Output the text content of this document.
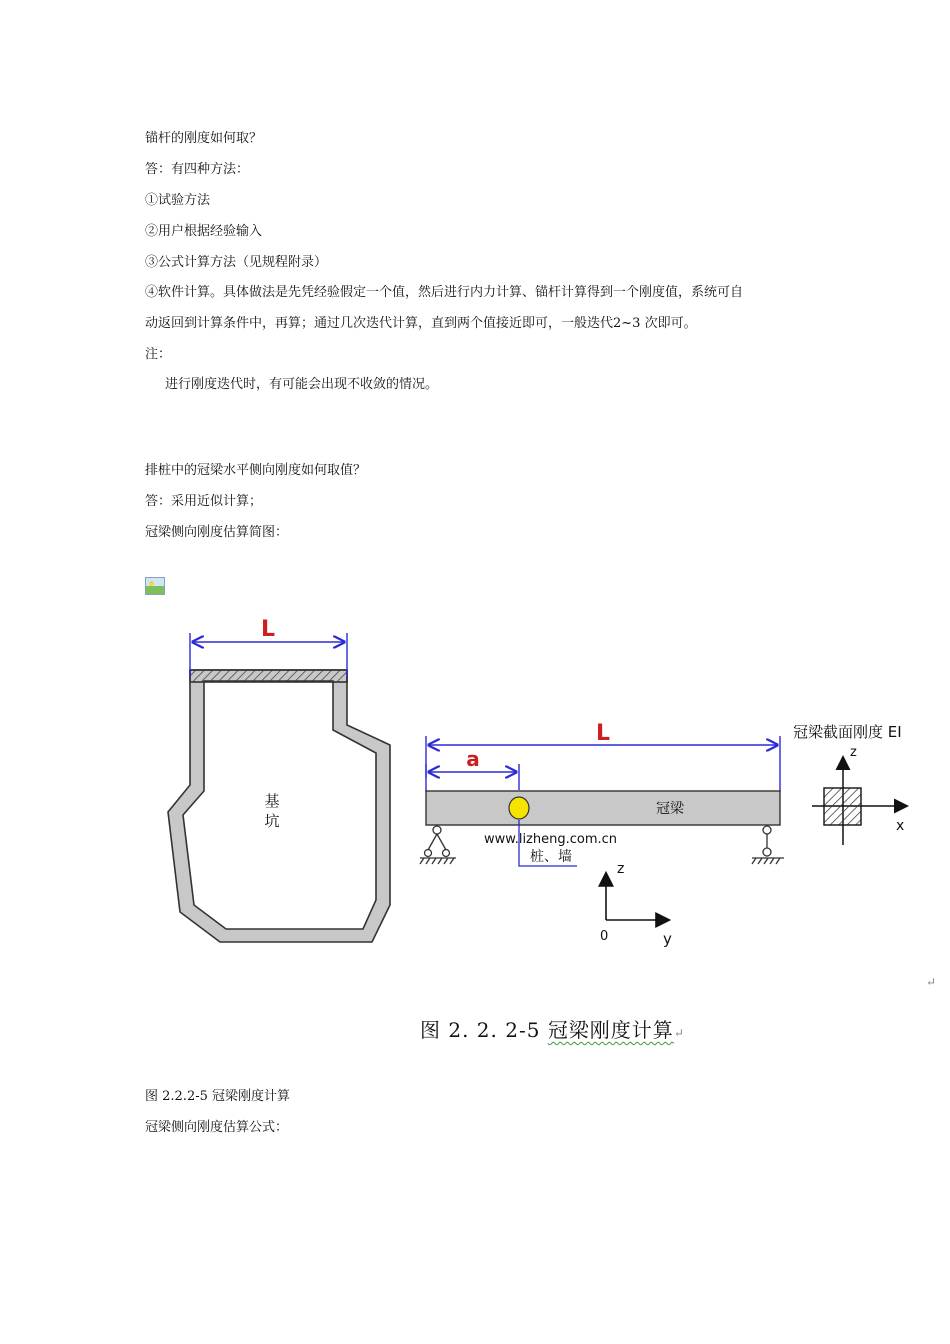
锚杆的刚度如何取？
答：有四种方法：
①试验方法
②用户根据经验输入
③公式计算方法（见规程附录）
④软件计算。具体做法是先凭经验假定一个值，然后进行内力计算、锚杆计算得到一个刚度值，系统可自
动返回到计算条件中，再算；通过几次迭代计算，直到两个值接近即可，一般迭代2~3 次即可。
注：
进行刚度迭代时，有可能会出现不收敛的情况。
排桩中的冠梁水平侧向刚度如何取值？
答：采用近似计算；
冠梁侧向刚度估算简图：
L
基
坑
L
a
冠梁
www.lizheng.com.cn
桩、墙
z
0	y
冠梁截面刚度 EI
z
x
↵
图 2. 2. 2-5 冠梁刚度计算↵
图 2.2.2-5 冠梁刚度计算
冠梁侧向刚度估算公式：
